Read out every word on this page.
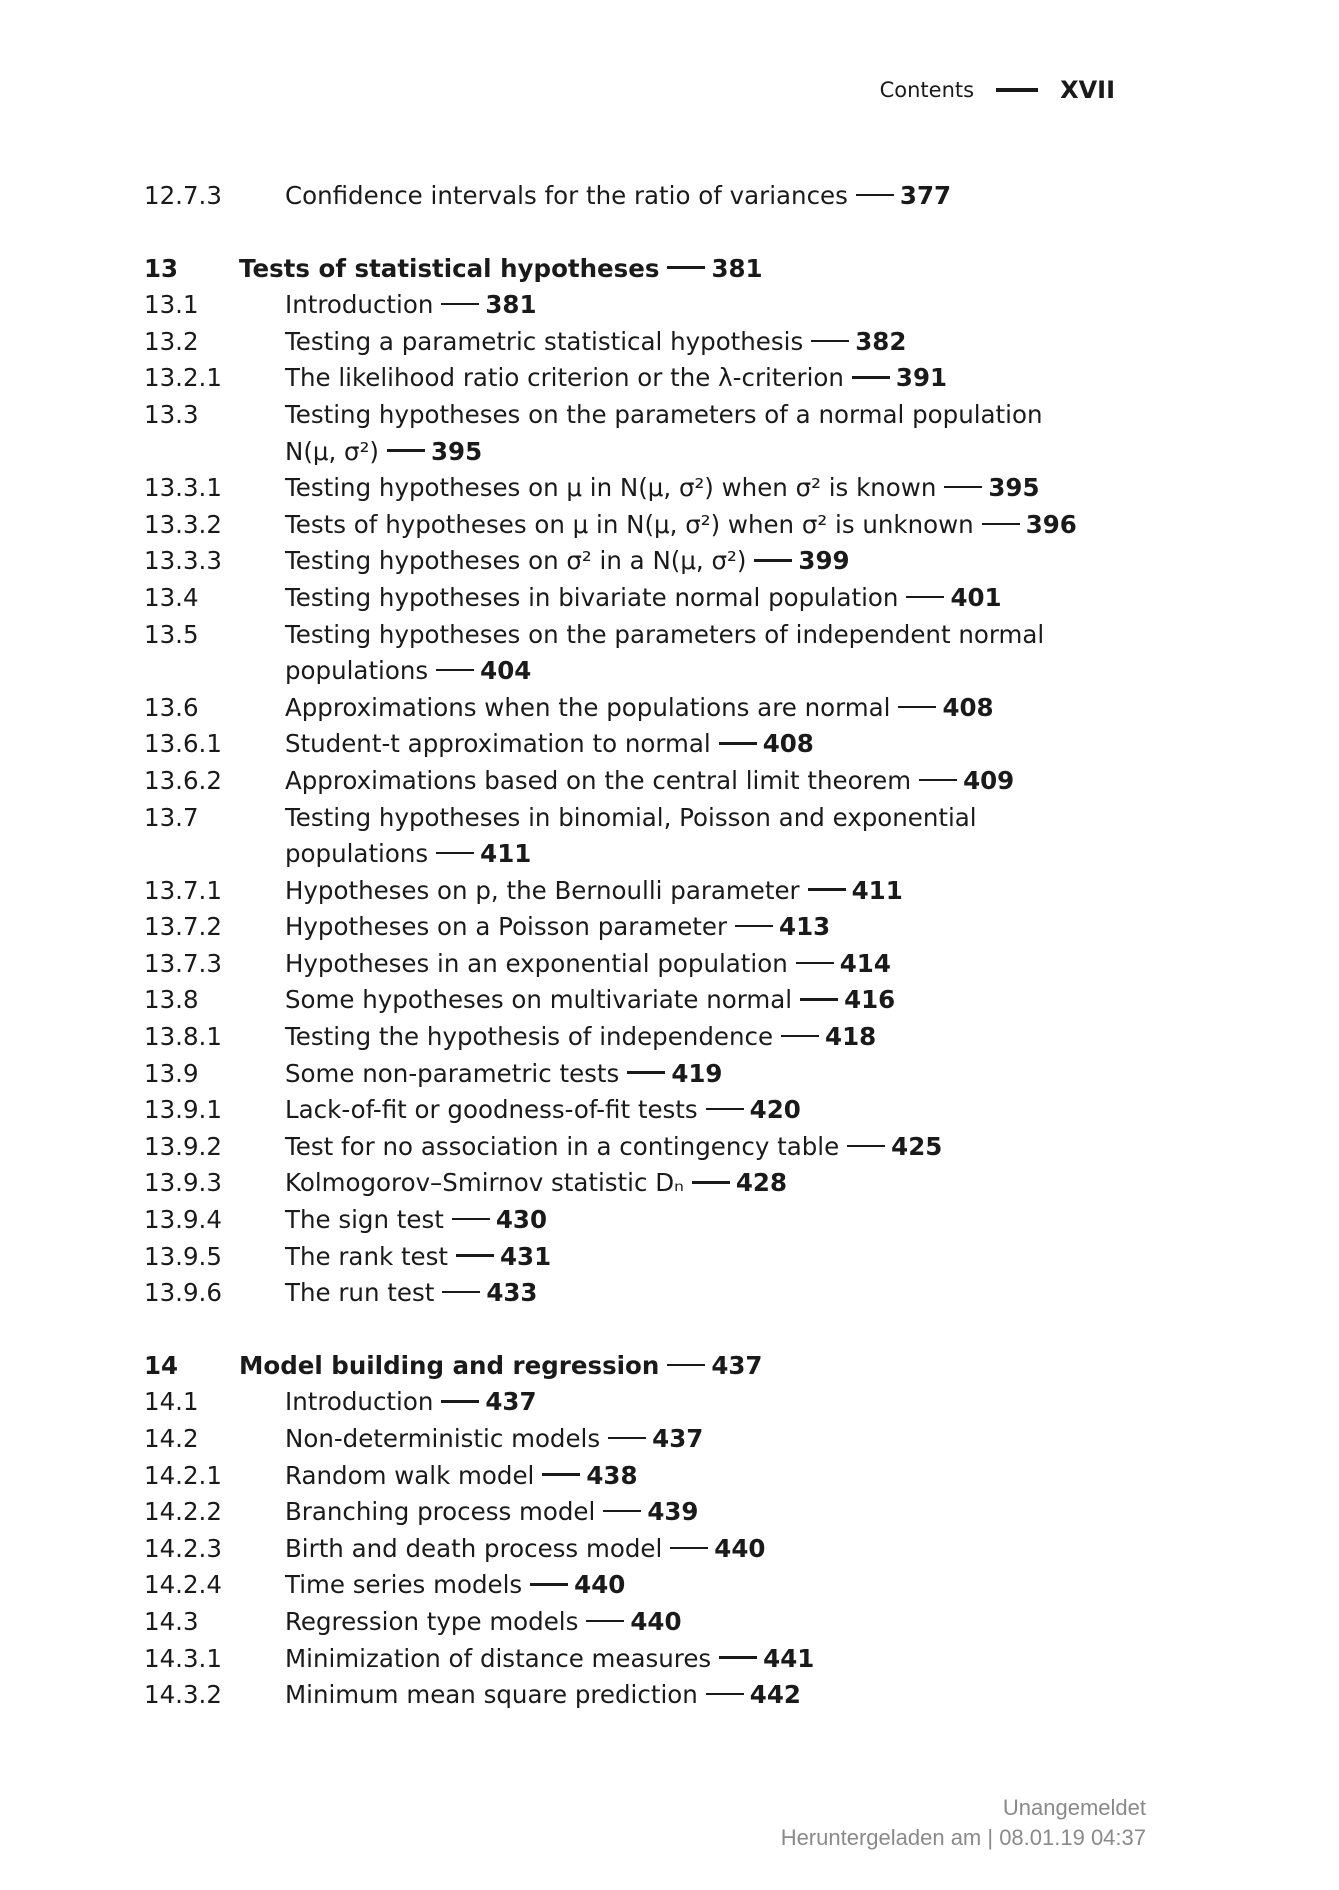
Contents	XVII
12.7.3	Confidence intervals for the ratio of variances 377
13	Tests of statistical hypotheses 381
13.1	Introduction 381
13.2	Testing a parametric statistical hypothesis 382
13.2.1	The likelihood ratio criterion or the λ-criterion 391
13.3	Testing hypotheses on the parameters of a normal population
N(μ, σ²) 395
13.3.1	Testing hypotheses on μ in N(μ, σ²) when σ² is known 395
13.3.2	Tests of hypotheses on μ in N(μ, σ²) when σ² is unknown 396
13.3.3	Testing hypotheses on σ² in a N(μ, σ²) 399
13.4	Testing hypotheses in bivariate normal population 401
13.5	Testing hypotheses on the parameters of independent normal
populations 404
13.6	Approximations when the populations are normal 408
13.6.1	Student-t approximation to normal 408
13.6.2	Approximations based on the central limit theorem 409
13.7	Testing hypotheses in binomial, Poisson and exponential
populations 411
13.7.1	Hypotheses on p, the Bernoulli parameter 411
13.7.2	Hypotheses on a Poisson parameter 413
13.7.3	Hypotheses in an exponential population 414
13.8	Some hypotheses on multivariate normal 416
13.8.1	Testing the hypothesis of independence 418
13.9	Some non-parametric tests 419
13.9.1	Lack-of-fit or goodness-of-fit tests 420
13.9.2	Test for no association in a contingency table 425
13.9.3	Kolmogorov–Smirnov statistic Dₙ 428
13.9.4	The sign test 430
13.9.5	The rank test 431
13.9.6	The run test 433
14	Model building and regression 437
14.1	Introduction 437
14.2	Non-deterministic models 437
14.2.1	Random walk model 438
14.2.2	Branching process model 439
14.2.3	Birth and death process model 440
14.2.4	Time series models 440
14.3	Regression type models 440
14.3.1	Minimization of distance measures 441
14.3.2	Minimum mean square prediction 442
Unangemeldet
Heruntergeladen am | 08.01.19 04:37
